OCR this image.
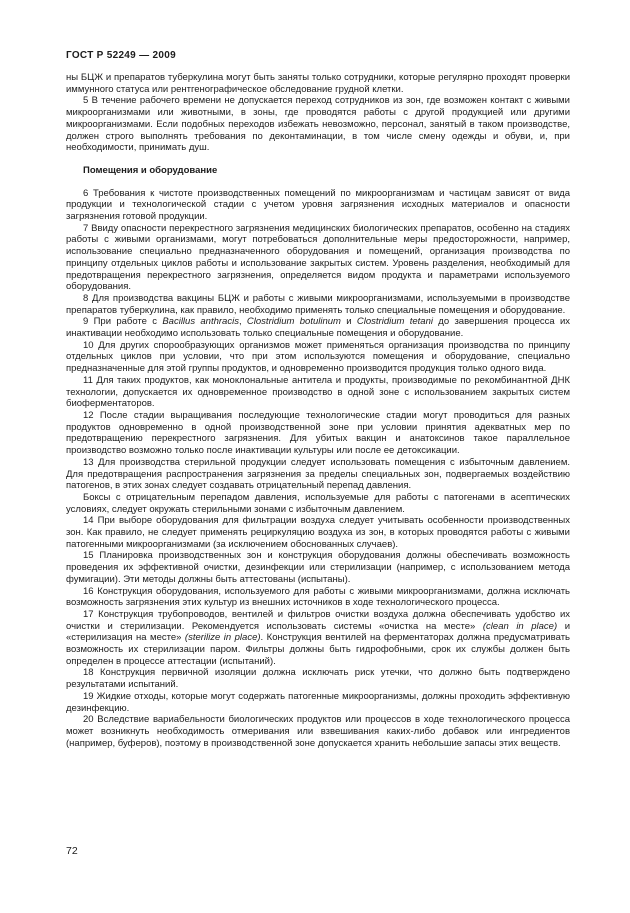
ГОСТ Р 52249 — 2009

ны БЦЖ и препаратов туберкулина могут быть заняты только сотрудники, которые регулярно проходят проверки иммунного статуса или рентгенографическое обследование грудной клетки.

5 В течение рабочего времени не допускается переход сотрудников из зон, где возможен контакт с живыми микроорганизмами или животными, в зоны, где проводятся работы с другой продукцией или другими микроорганизмами. Если подобных переходов избежать невозможно, персонал, занятый в таком производстве, должен строго выполнять требования по деконтаминации, в том числе смену одежды и обуви, и, при необходимости, принимать душ.

Помещения и оборудование

6 Требования к чистоте производственных помещений по микроорганизмам и частицам зависят от вида продукции и технологической стадии с учетом уровня загрязнения исходных материалов и опасности загрязнения готовой продукции.

7 Ввиду опасности перекрестного загрязнения медицинских биологических препаратов, особенно на стадиях работы с живыми организмами, могут потребоваться дополнительные меры предосторожности, например, использование специально предназначенного оборудования и помещений, организация производства по принципу отдельных циклов работы и использование закрытых систем. Уровень разделения, необходимый для предотвращения перекрестного загрязнения, определяется видом продукта и параметрами используемого оборудования.

8 Для производства вакцины БЦЖ и работы с живыми микроорганизмами, используемыми в производстве препаратов туберкулина, как правило, необходимо применять только специальные помещения и оборудование.

9 При работе с Bacillus anthracis, Clostridium botulinum и Clostridium tetani до завершения процесса их инактивации необходимо использовать только специальные помещения и оборудование.

10 Для других спорообразующих организмов может применяться организация производства по принципу отдельных циклов при условии, что при этом используются помещения и оборудование, специально предназначенные для этой группы продуктов, и одновременно производится продукция только одного вида.

11 Для таких продуктов, как моноклональные антитела и продукты, производимые по рекомбинантной ДНК технологии, допускается их одновременное производство в одной зоне с использованием закрытых систем биоферментаторов.

12 После стадии выращивания последующие технологические стадии могут проводиться для разных продуктов одновременно в одной производственной зоне при условии принятия адекватных мер по предотвращению перекрестного загрязнения. Для убитых вакцин и анатоксинов такое параллельное производство возможно только после инактивации культуры или после ее детоксикации.

13 Для производства стерильной продукции следует использовать помещения с избыточным давлением. Для предотвращения распространения загрязнения за пределы специальных зон, подвергаемых воздействию патогенов, в этих зонах следует создавать отрицательный перепад давления.

Боксы с отрицательным перепадом давления, используемые для работы с патогенами в асептических условиях, следует окружать стерильными зонами с избыточным давлением.

14 При выборе оборудования для фильтрации воздуха следует учитывать особенности производственных зон. Как правило, не следует применять рециркуляцию воздуха из зон, в которых проводятся работы с живыми патогенными микроорганизмами (за исключением обоснованных случаев).

15 Планировка производственных зон и конструкция оборудования должны обеспечивать возможность проведения их эффективной очистки, дезинфекции или стерилизации (например, с использованием метода фумигации). Эти методы должны быть аттестованы (испытаны).

16 Конструкция оборудования, используемого для работы с живыми микроорганизмами, должна исключать возможность загрязнения этих культур из внешних источников в ходе технологического процесса.

17 Конструкция трубопроводов, вентилей и фильтров очистки воздуха должна обеспечивать удобство их очистки и стерилизации. Рекомендуется использовать системы «очистка на месте» (clean in place) и «стерилизация на месте» (sterilize in place). Конструкция вентилей на ферментаторах должна предусматривать возможность их стерилизации паром. Фильтры должны быть гидрофобными, срок их службы должен быть определен в процессе аттестации (испытаний).

18 Конструкция первичной изоляции должна исключать риск утечки, что должно быть подтверждено результатами испытаний.

19 Жидкие отходы, которые могут содержать патогенные микроорганизмы, должны проходить эффективную дезинфекцию.

20 Вследствие вариабельности биологических продуктов или процессов в ходе технологического процесса может возникнуть необходимость отмеривания или взвешивания каких-либо добавок или ингредиентов (например, буферов), поэтому в производственной зоне допускается хранить небольшие запасы этих веществ.

72
